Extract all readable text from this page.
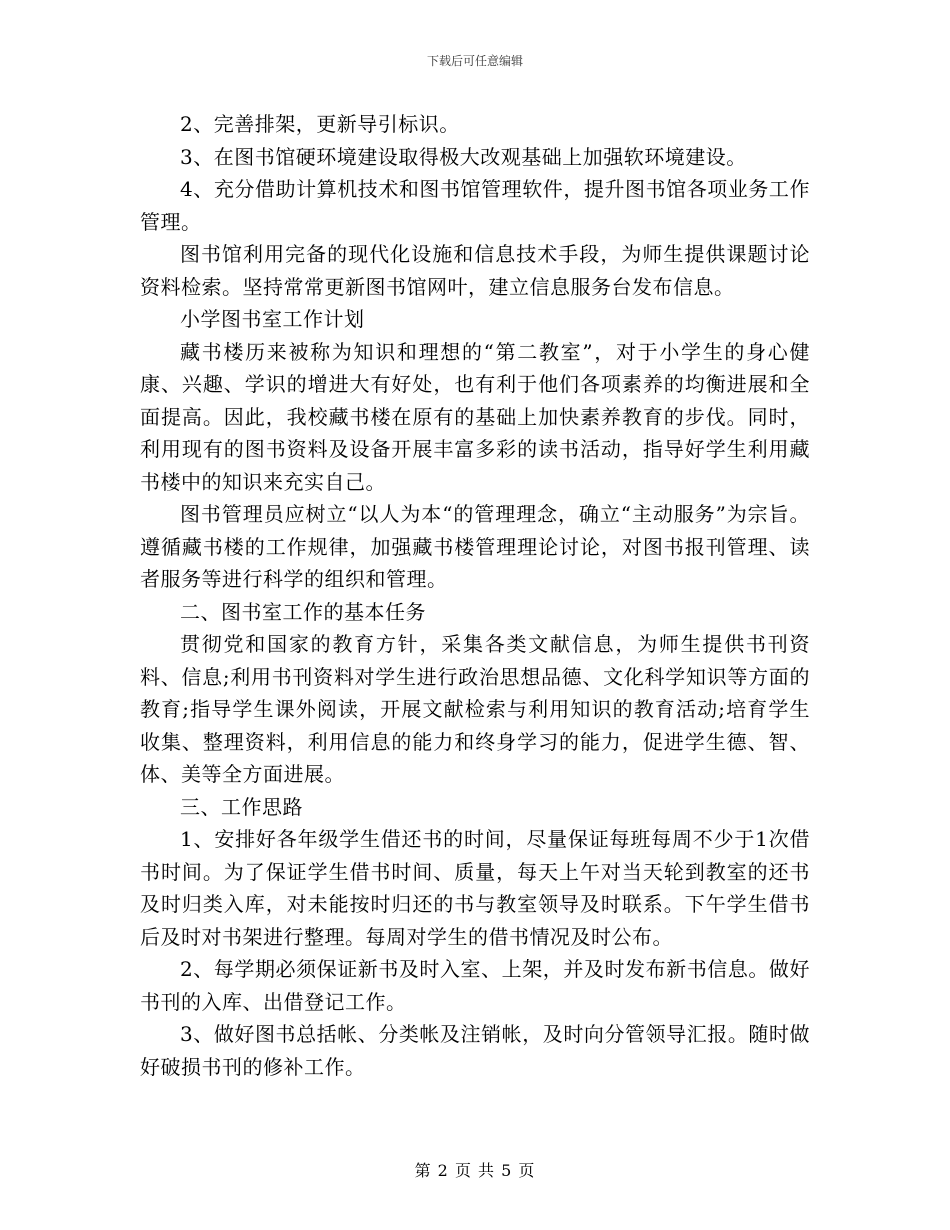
下载后可任意编辑

2、完善排架，更新导引标识。

3、在图书馆硬环境建设取得极大改观基础上加强软环境建设。

4、充分借助计算机技术和图书馆管理软件，提升图书馆各项业务工作管理。

图书馆利用完备的现代化设施和信息技术手段，为师生提供课题讨论资料检索。坚持常常更新图书馆网叶，建立信息服务台发布信息。

小学图书室工作计划

藏书楼历来被称为知识和理想的“第二教室”，对于小学生的身心健康、兴趣、学识的增进大有好处，也有利于他们各项素养的均衡进展和全面提高。因此，我校藏书楼在原有的基础上加快素养教育的步伐。同时，利用现有的图书资料及设备开展丰富多彩的读书活动，指导好学生利用藏书楼中的知识来充实自己。

图书管理员应树立“以人为本“的管理理念，确立“主动服务”为宗旨。遵循藏书楼的工作规律，加强藏书楼管理理论讨论，对图书报刊管理、读者服务等进行科学的组织和管理。

二、图书室工作的基本任务

贯彻党和国家的教育方针，采集各类文献信息，为师生提供书刊资料、信息;利用书刊资料对学生进行政治思想品德、文化科学知识等方面的教育;指导学生课外阅读，开展文献检索与利用知识的教育活动;培育学生收集、整理资料，利用信息的能力和终身学习的能力，促进学生德、智、体、美等全方面进展。

三、工作思路

1、安排好各年级学生借还书的时间，尽量保证每班每周不少于1次借书时间。为了保证学生借书时间、质量，每天上午对当天轮到教室的还书及时归类入库，对未能按时归还的书与教室领导及时联系。下午学生借书后及时对书架进行整理。每周对学生的借书情况及时公布。

2、每学期必须保证新书及时入室、上架，并及时发布新书信息。做好书刊的入库、出借登记工作。

3、做好图书总括帐、分类帐及注销帐，及时向分管领导汇报。随时做好破损书刊的修补工作。

第 2 页 共 5 页
